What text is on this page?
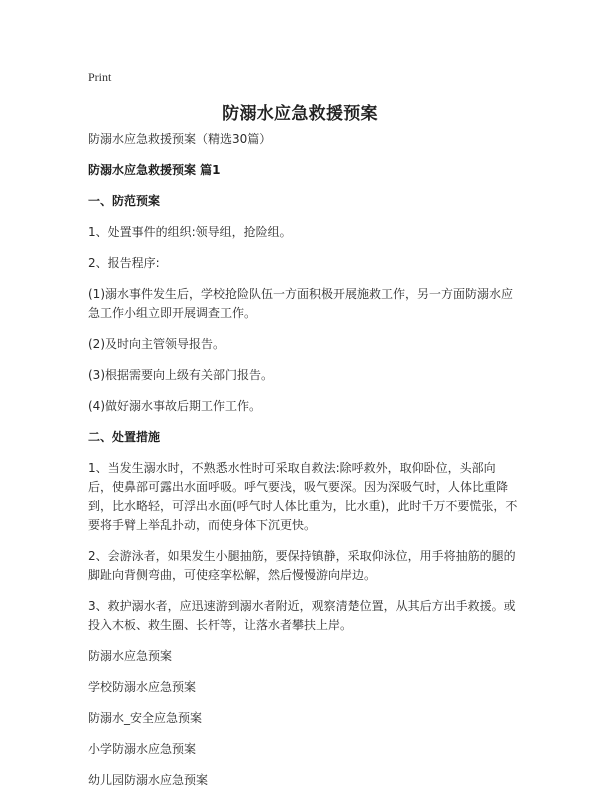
Print
防溺水应急救援预案

防溺水应急救援预案（精选30篇）

防溺水应急救援预案 篇1

一、防范预案

1、处置事件的组织:领导组，抢险组。

2、报告程序:

(1)溺水事件发生后，学校抢险队伍一方面积极开展施救工作，另一方面防溺水应急工作小组立即开展调查工作。

(2)及时向主管领导报告。

(3)根据需要向上级有关部门报告。

(4)做好溺水事故后期工作工作。

二、处置措施

1、当发生溺水时，不熟悉水性时可采取自救法:除呼救外，取仰卧位，头部向后，使鼻部可露出水面呼吸。呼气要浅，吸气要深。因为深吸气时，人体比重降到，比水略轻，可浮出水面(呼气时人体比重为，比水重)，此时千万不要慌张，不要将手臂上举乱扑动，而使身体下沉更快。

2、会游泳者，如果发生小腿抽筋，要保持镇静，采取仰泳位，用手将抽筋的腿的脚趾向背侧弯曲，可使痉挛松解，然后慢慢游向岸边。

3、救护溺水者，应迅速游到溺水者附近，观察清楚位置，从其后方出手救援。或投入木板、救生圈、长杆等，让落水者攀扶上岸。

防溺水应急预案
学校防溺水应急预案
防溺水_安全应急预案
小学防溺水应急预案
幼儿园防溺水应急预案
